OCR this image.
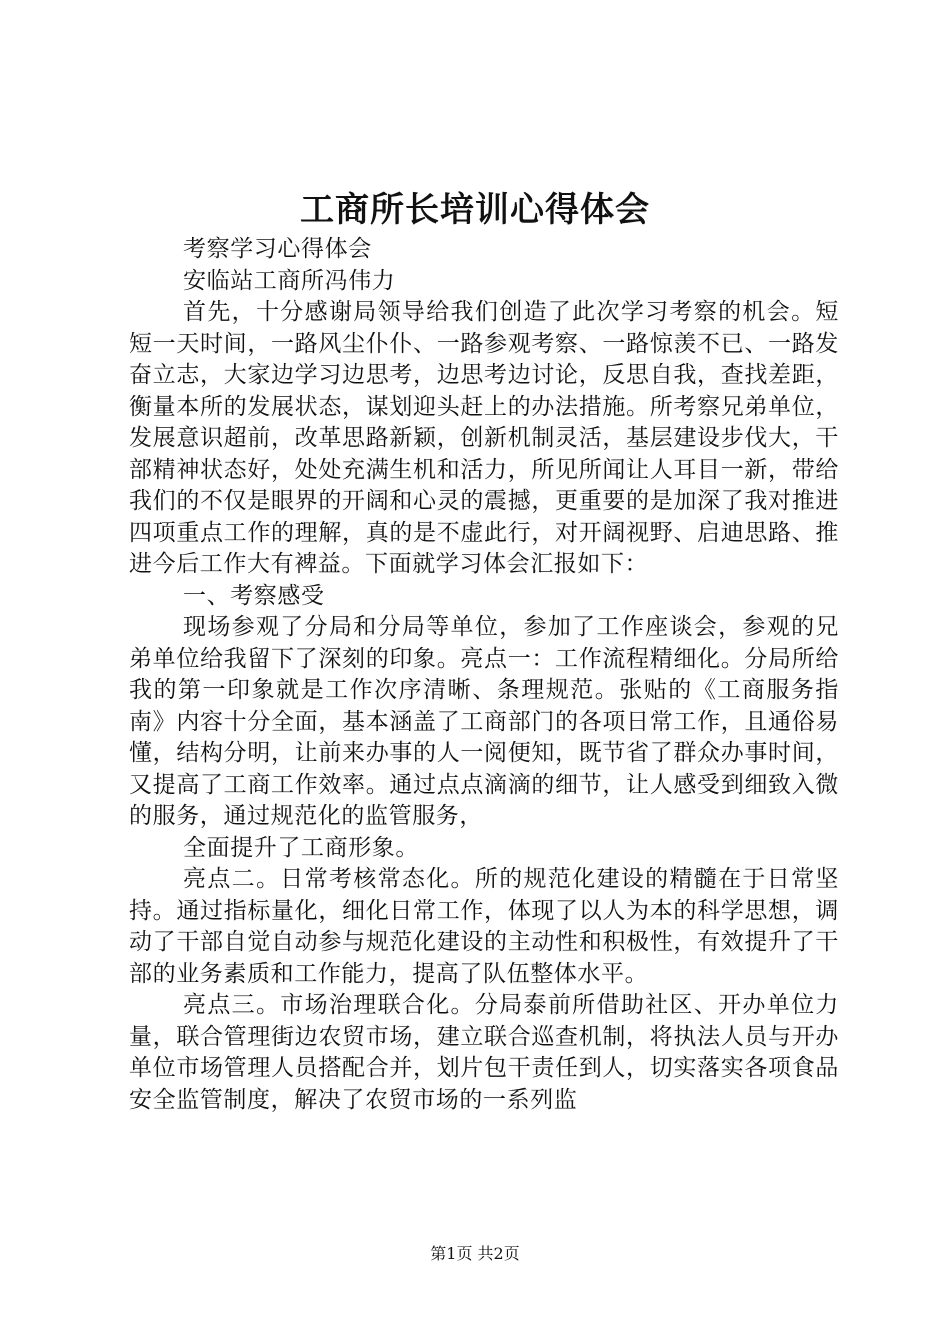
工商所长培训心得体会

考察学习心得体会

安临站工商所冯伟力

首先，十分感谢局领导给我们创造了此次学习考察的机会。短短一天时间，一路风尘仆仆、一路参观考察、一路惊羡不已、一路发奋立志，大家边学习边思考，边思考边讨论，反思自我，查找差距，衡量本所的发展状态，谋划迎头赶上的办法措施。所考察兄弟单位，发展意识超前，改革思路新颖，创新机制灵活，基层建设步伐大，干部精神状态好，处处充满生机和活力，所见所闻让人耳目一新，带给我们的不仅是眼界的开阔和心灵的震撼，更重要的是加深了我对推进四项重点工作的理解，真的是不虚此行，对开阔视野、启迪思路、推进今后工作大有裨益。下面就学习体会汇报如下：

一、考察感受

现场参观了分局和分局等单位，参加了工作座谈会，参观的兄弟单位给我留下了深刻的印象。亮点一：工作流程精细化。分局所给我的第一印象就是工作次序清晰、条理规范。张贴的《工商服务指南》内容十分全面，基本涵盖了工商部门的各项日常工作，且通俗易懂，结构分明，让前来办事的人一阅便知，既节省了群众办事时间，又提高了工商工作效率。通过点点滴滴的细节，让人感受到细致入微的服务，通过规范化的监管服务，

全面提升了工商形象。

亮点二。日常考核常态化。所的规范化建设的精髓在于日常坚持。通过指标量化，细化日常工作，体现了以人为本的科学思想，调动了干部自觉自动参与规范化建设的主动性和积极性，有效提升了干部的业务素质和工作能力，提高了队伍整体水平。

亮点三。市场治理联合化。分局泰前所借助社区、开办单位力量，联合管理街边农贸市场，建立联合巡查机制，将执法人员与开办单位市场管理人员搭配合并，划片包干责任到人，切实落实各项食品安全监管制度，解决了农贸市场的一系列监

第1页 共2页
